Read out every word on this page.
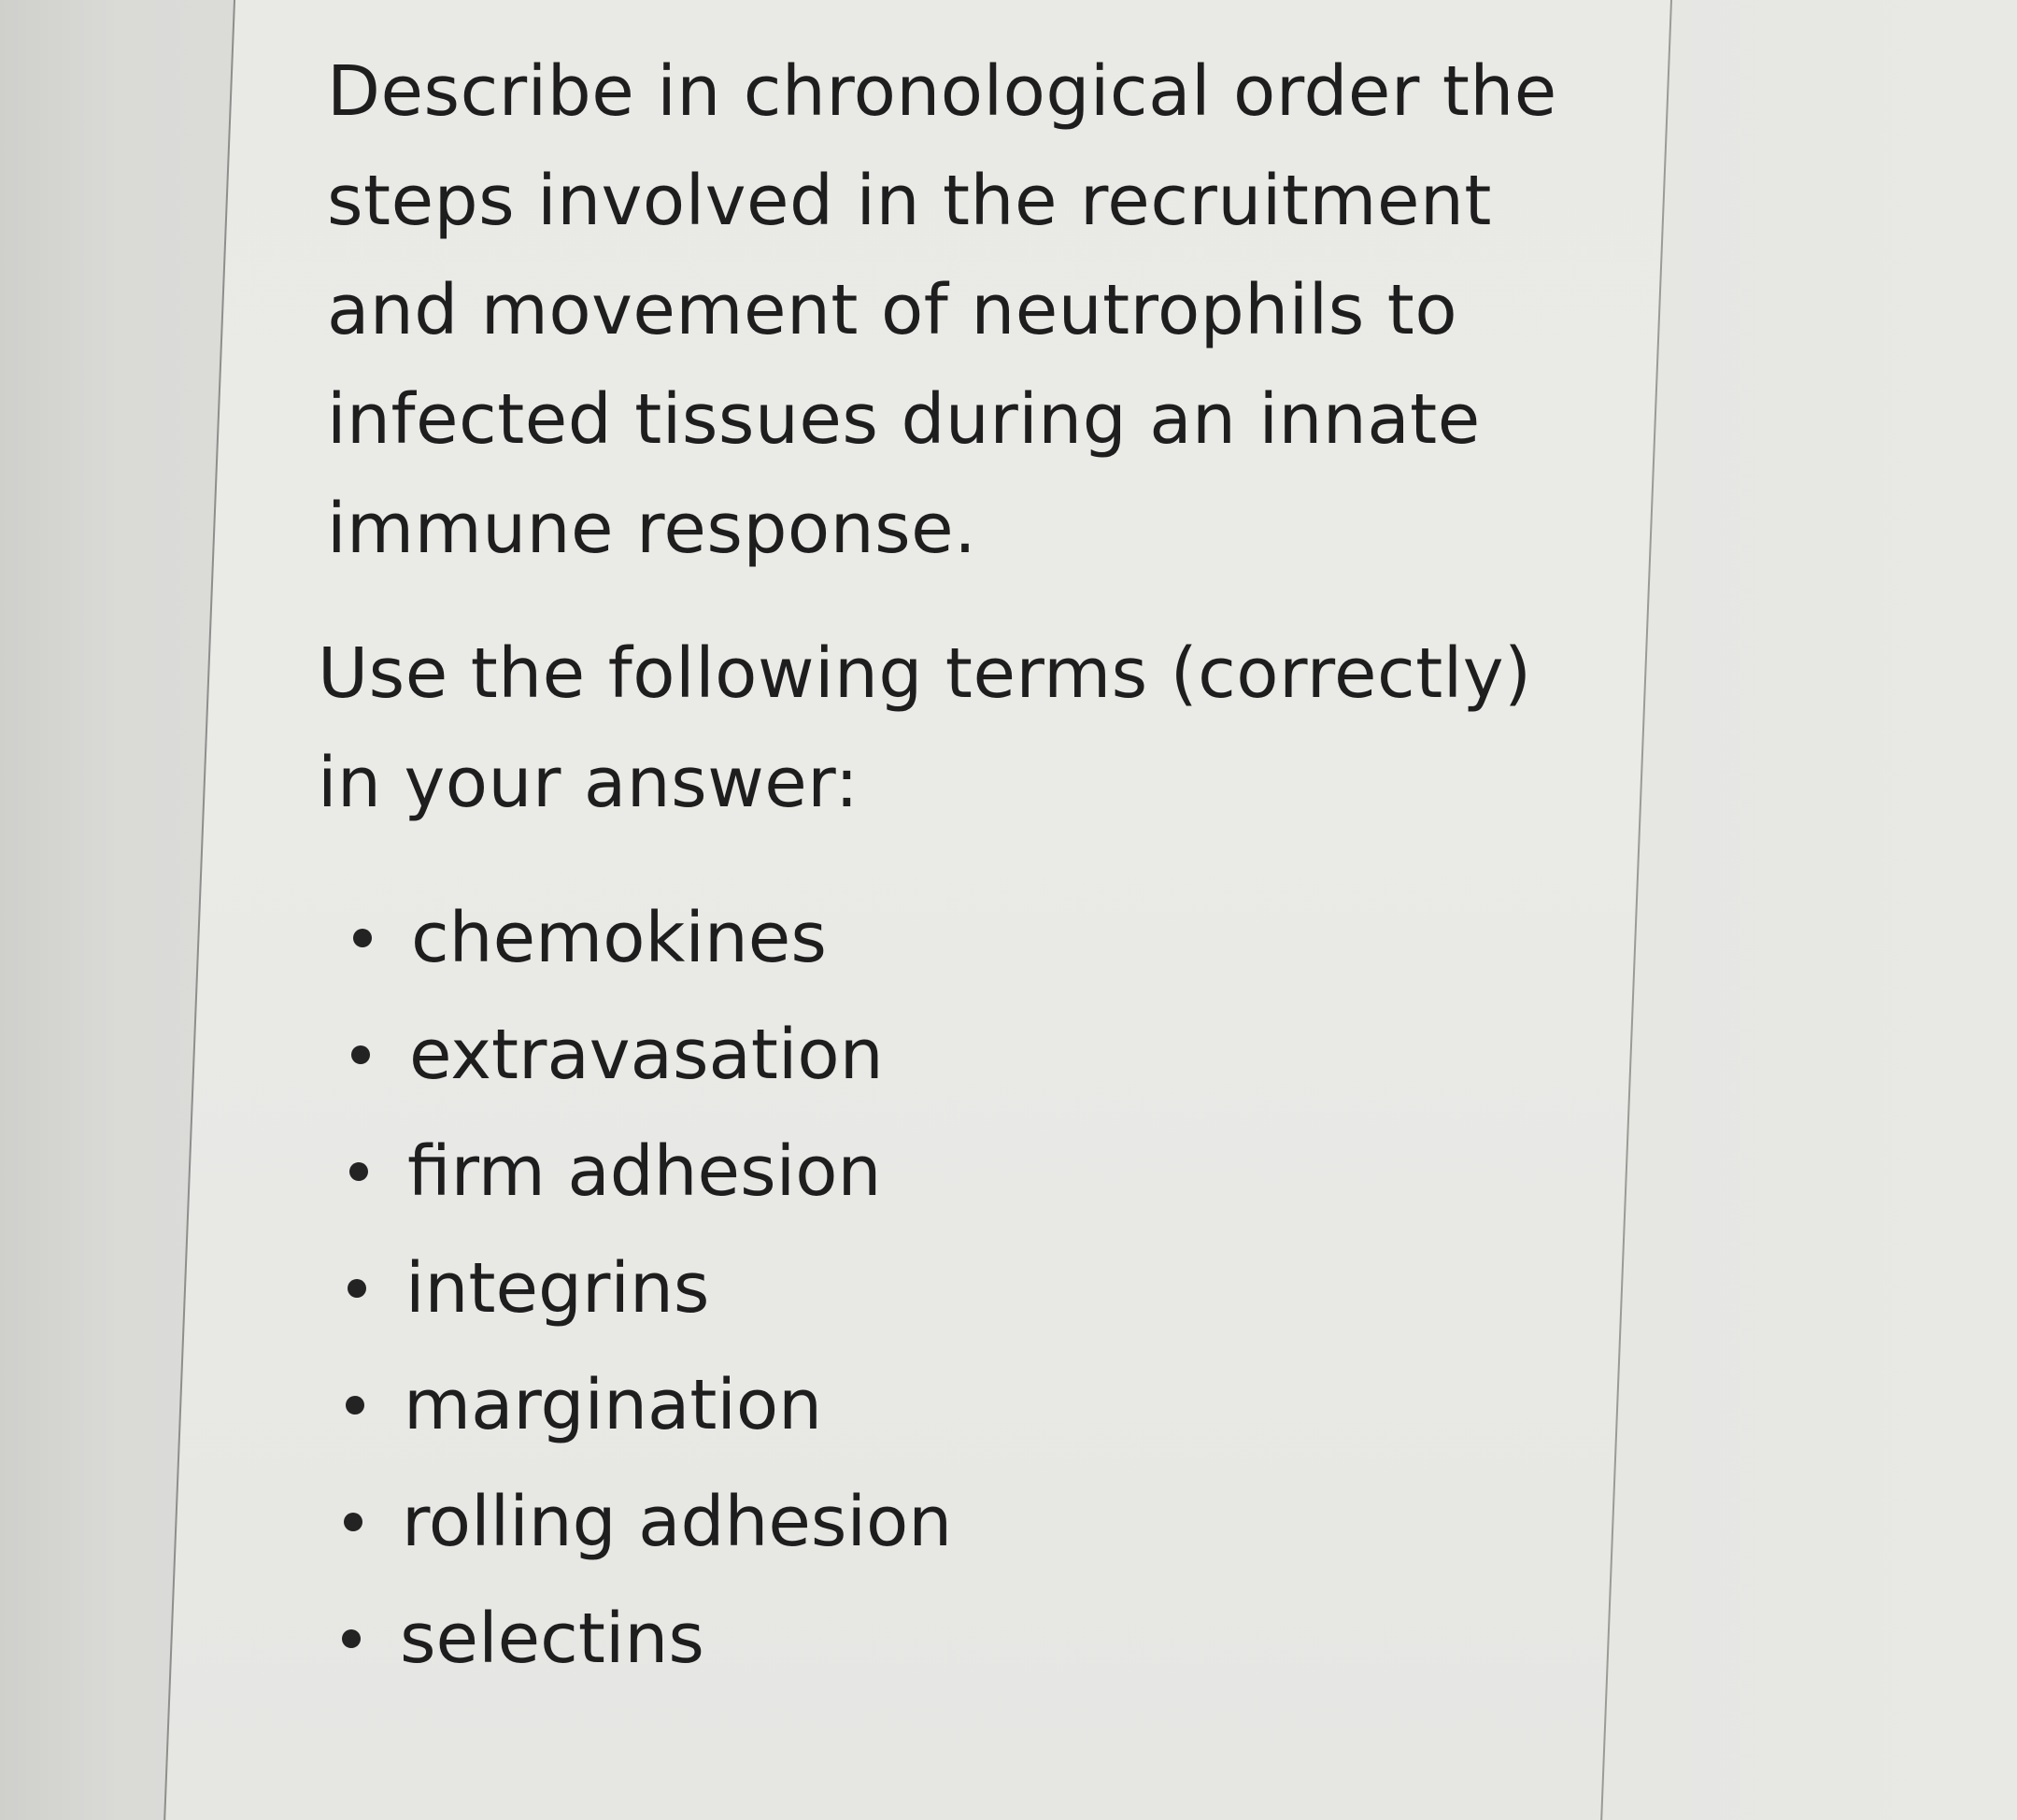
Describe in chronological order the steps involved in the recruitment and movement of neutrophils to infected tissues during an innate immune response.

Use the following terms (correctly) in your answer:

chemokines
extravasation
firm adhesion
integrins
margination
rolling adhesion
selectins
